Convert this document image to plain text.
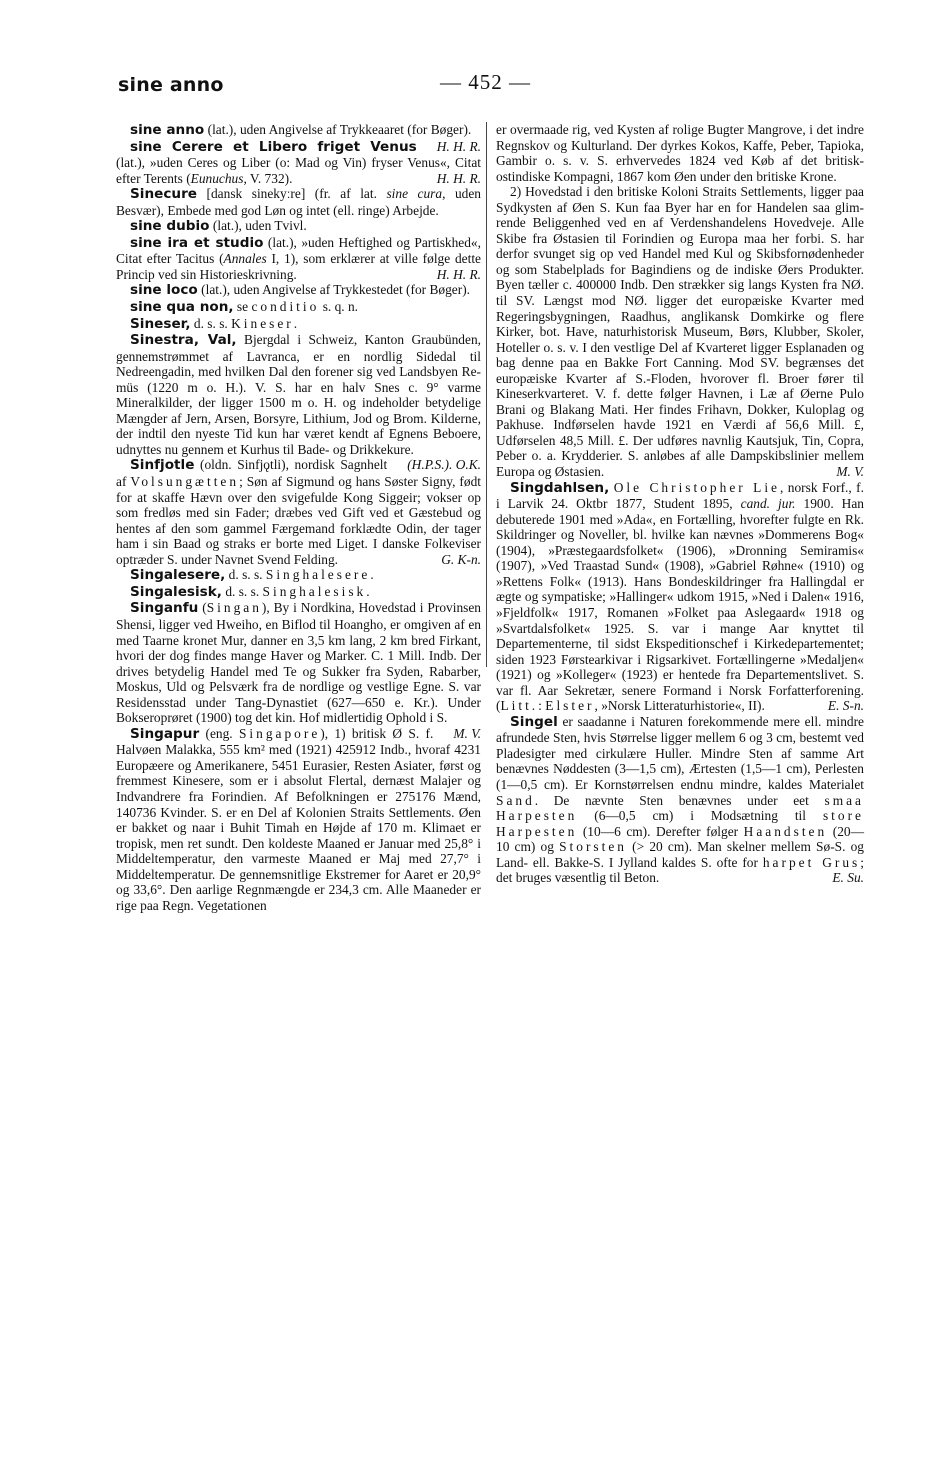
sine anno	— 452 —

sine anno (lat.), uden Angivelse af Trykkeaaret (for Bøger).
H. H. R.

sine Cerere et Libero friget Venus (lat.), »uden Ceres og Liber (o: Mad og Vin) fryser Venus«, Citat efter Terents (Eunuchus, V. 732).	H. H. R.

Sinecure [dansk sinekyːre] (fr. af lat. sine cura, uden Besvær), Embede med god Løn og intet (ell. ringe) Arbejde.

sine dubio (lat.), uden Tvivl.

sine ira et studio (lat.), »uden Heftighed og Partiskhed«, Citat efter Tacitus (Annales I, 1), som erklærer at ville følge dette Princip ved sin Historieskrivning.	H. H. R.

sine loco (lat.), uden Angivelse af Trykkestedet (for Bøger).

sine qua non, se conditio s. q. n.

Sineser, d. s. s. Kineser.

Sinestra, Val, Bjergdal i Schweiz, Kanton Graubünden, gennemstrømmet af Lavranca, er en nordlig Sidedal til Nedreengadin, med hvilken Dal den forener sig ved Landsbyen Remüs (1220 m o. H.). V. S. har en halv Snes c. 9° varme Mineralkilder, der ligger 1500 m o. H. og indeholder betydelige Mængder af Jern, Arsen, Borsyre, Lithium, Jod og Brom. Kilderne, der indtil den nyeste Tid kun har været kendt af Egnens Beboere, udnyttes nu gennem et Kurhus til Bade- og Drikkekure.
(H.P.S.). O.K.

Sinfjotle (oldn. Sinfjǫtli), nordisk Sagnhelt af Volsungætten; Søn af Sigmund og hans Søster Signy, født for at skaffe Hævn over den svigefulde Kong Siggeir; vokser op som fredløs med sin Fader; dræbes ved Gift ved et Gæstebud og hentes af den som gammel Færgemand forklædte Odin, der tager ham i sin Baad og straks er borte med Liget. I danske Folkeviser optræder S. under Navnet Svend Felding.	G. K-n.

Singalesere, d. s. s. Singhalesere.

Singalesisk, d. s. s. Singhalesisk.

Singanfu (Singan), By i Nordkina, Hovedstad i Provinsen Shensi, ligger ved Hweiho, en Biflod til Hoangho, er omgiven af en med Taarne kronet Mur, danner en 3,5 km lang, 2 km bred Firkant, hvori der dog findes mange Haver og Marker. C. 1 Mill. Indb. Der drives betydelig Handel med Te og Sukker fra Syden, Rabarber, Moskus, Uld og Pelsværk fra de nordlige og vestlige Egne. S. var Residensstad under Tang-Dynastiet (627—650 e. Kr.). Under Bokseroprøret (1900) tog det kin. Hof midlertidig Ophold i S.
M. V.

Singapur (eng. Singapore), 1) britisk Ø S. f. Halvøen Malakka, 555 km² med (1921) 425912 Indb., hvoraf 4231 Europæere og Amerikanere, 5451 Eurasier, Resten Asiater, først og fremmest Kinesere, som er i absolut Flertal, dernæst Malajer og Indvandrere fra Forindien. Af Befolkningen er 275176 Mænd, 140736 Kvinder. S. er en Del af Kolonien Straits Settlements. Øen er bakket og naar i Buhit Timah en Højde af 170 m. Klimaet er tropisk, men ret sundt. Den koldeste Maaned er Januar med 25,8° i Middeltemperatur, den varmeste Maaned er Maj med 27,7° i Middeltemperatur. De gennemsnitlige Ekstremer for Aaret er 20,9° og 33,6°. Den aarlige Regnmængde er 234,3 cm. Alle Maaneder er rige paa Regn. Vegetationen

er overmaade rig, ved Kysten af rolige Bugter Mangrove, i det indre Regnskov og Kulturland. Der dyrkes Kokos, Kaffe, Peber, Tapioka, Gambir o. s. v. S. erhvervedes 1824 ved Køb af det britisk-ostindiske Kompagni, 1867 kom Øen under den britiske Krone.

2) Hovedstad i den britiske Koloni Straits Settlements, ligger paa Sydkysten af Øen S. Kun faa Byer har en for Handelen saa glimrende Beliggenhed ved en af Verdenshandelens Hovedveje. Alle Skibe fra Østasien til Forindien og Europa maa her forbi. S. har derfor svunget sig op ved Handel med Kul og Skibsfornødenheder og som Stabelplads for Bagindiens og de indiske Øers Produkter. Byen tæller c. 400000 Indb. Den strækker sig langs Kysten fra NØ. til SV. Længst mod NØ. ligger det europæiske Kvarter med Regeringsbygningen, Raadhus, anglikansk Domkirke og flere Kirker, bot. Have, naturhistorisk Museum, Børs, Klubber, Skoler, Hoteller o. s. v. I den vestlige Del af Kvarteret ligger Esplanaden og bag denne paa en Bakke Fort Canning. Mod SV. begrænses det europæiske Kvarter af S.-Floden, hvorover fl. Broer fører til Kineserkvarteret. V. f. dette følger Havnen, i Læ af Øerne Pulo Brani og Blakang Mati. Her findes Frihavn, Dokker, Kuloplag og Pakhuse. Indførselen havde 1921 en Værdi af 56,6 Mill. £, Udførselen 48,5 Mill. £. Der udføres navnlig Kautsjuk, Tin, Copra, Peber o. a. Krydderier. S. anløbes af alle Dampskibslinier mellem Europa og Østasien.	M. V.

Singdahlsen, Ole Christopher Lie, norsk Forf., f. i Larvik 24. Oktbr 1877, Student 1895, cand. jur. 1900. Han debuterede 1901 med »Ada«, en Fortælling, hvorefter fulgte en Rk. Skildringer og Noveller, bl. hvilke kan nævnes »Dommerens Bog« (1904), »Præstegaardsfolket« (1906), »Dronning Semiramis« (1907), »Ved Traastad Sund« (1908), »Gabriel Røhne« (1910) og »Rettens Folk« (1913). Hans Bondeskildringer fra Hallingdal er ægte og sympatiske; »Hallinger« udkom 1915, »Ned i Dalen« 1916, »Fjeldfolk« 1917, Romanen »Folket paa Aslegaard« 1918 og »Svartdalsfolket« 1925. S. var i mange Aar knyttet til Departementerne, til sidst Ekspeditionschef i Kirkedepartementet; siden 1923 Førstearkivar i Rigsarkivet. Fortællingerne »Medaljen« (1921) og »Kolleger« (1923) er hentede fra Departementslivet. S. var fl. Aar Sekretær, senere Formand i Norsk Forfatterforening. (Litt.: Elster, »Norsk Litteraturhistorie«, II).	E. S-n.

Singel er saadanne i Naturen forekommende mere ell. mindre afrundede Sten, hvis Størrelse ligger mellem 6 og 3 cm, bestemt ved Pladesigter med cirkulære Huller. Mindre Sten af samme Art benævnes Nøddesten (3—1,5 cm), Ærtesten (1,5—1 cm), Perlesten (1—0,5 cm). Er Kornstørrelsen endnu mindre, kaldes Materialet Sand. De nævnte Sten benævnes under eet smaa Harpesten (6—0,5 cm) i Modsætning til store Harpesten (10—6 cm). Derefter følger Haandsten (20—10 cm) og Storsten (> 20 cm). Man skelner mellem Sø-S. og Land- ell. Bakke-S. I Jylland kaldes S. ofte for harpet Grus; det bruges væsentlig til Beton.	E. Su.
